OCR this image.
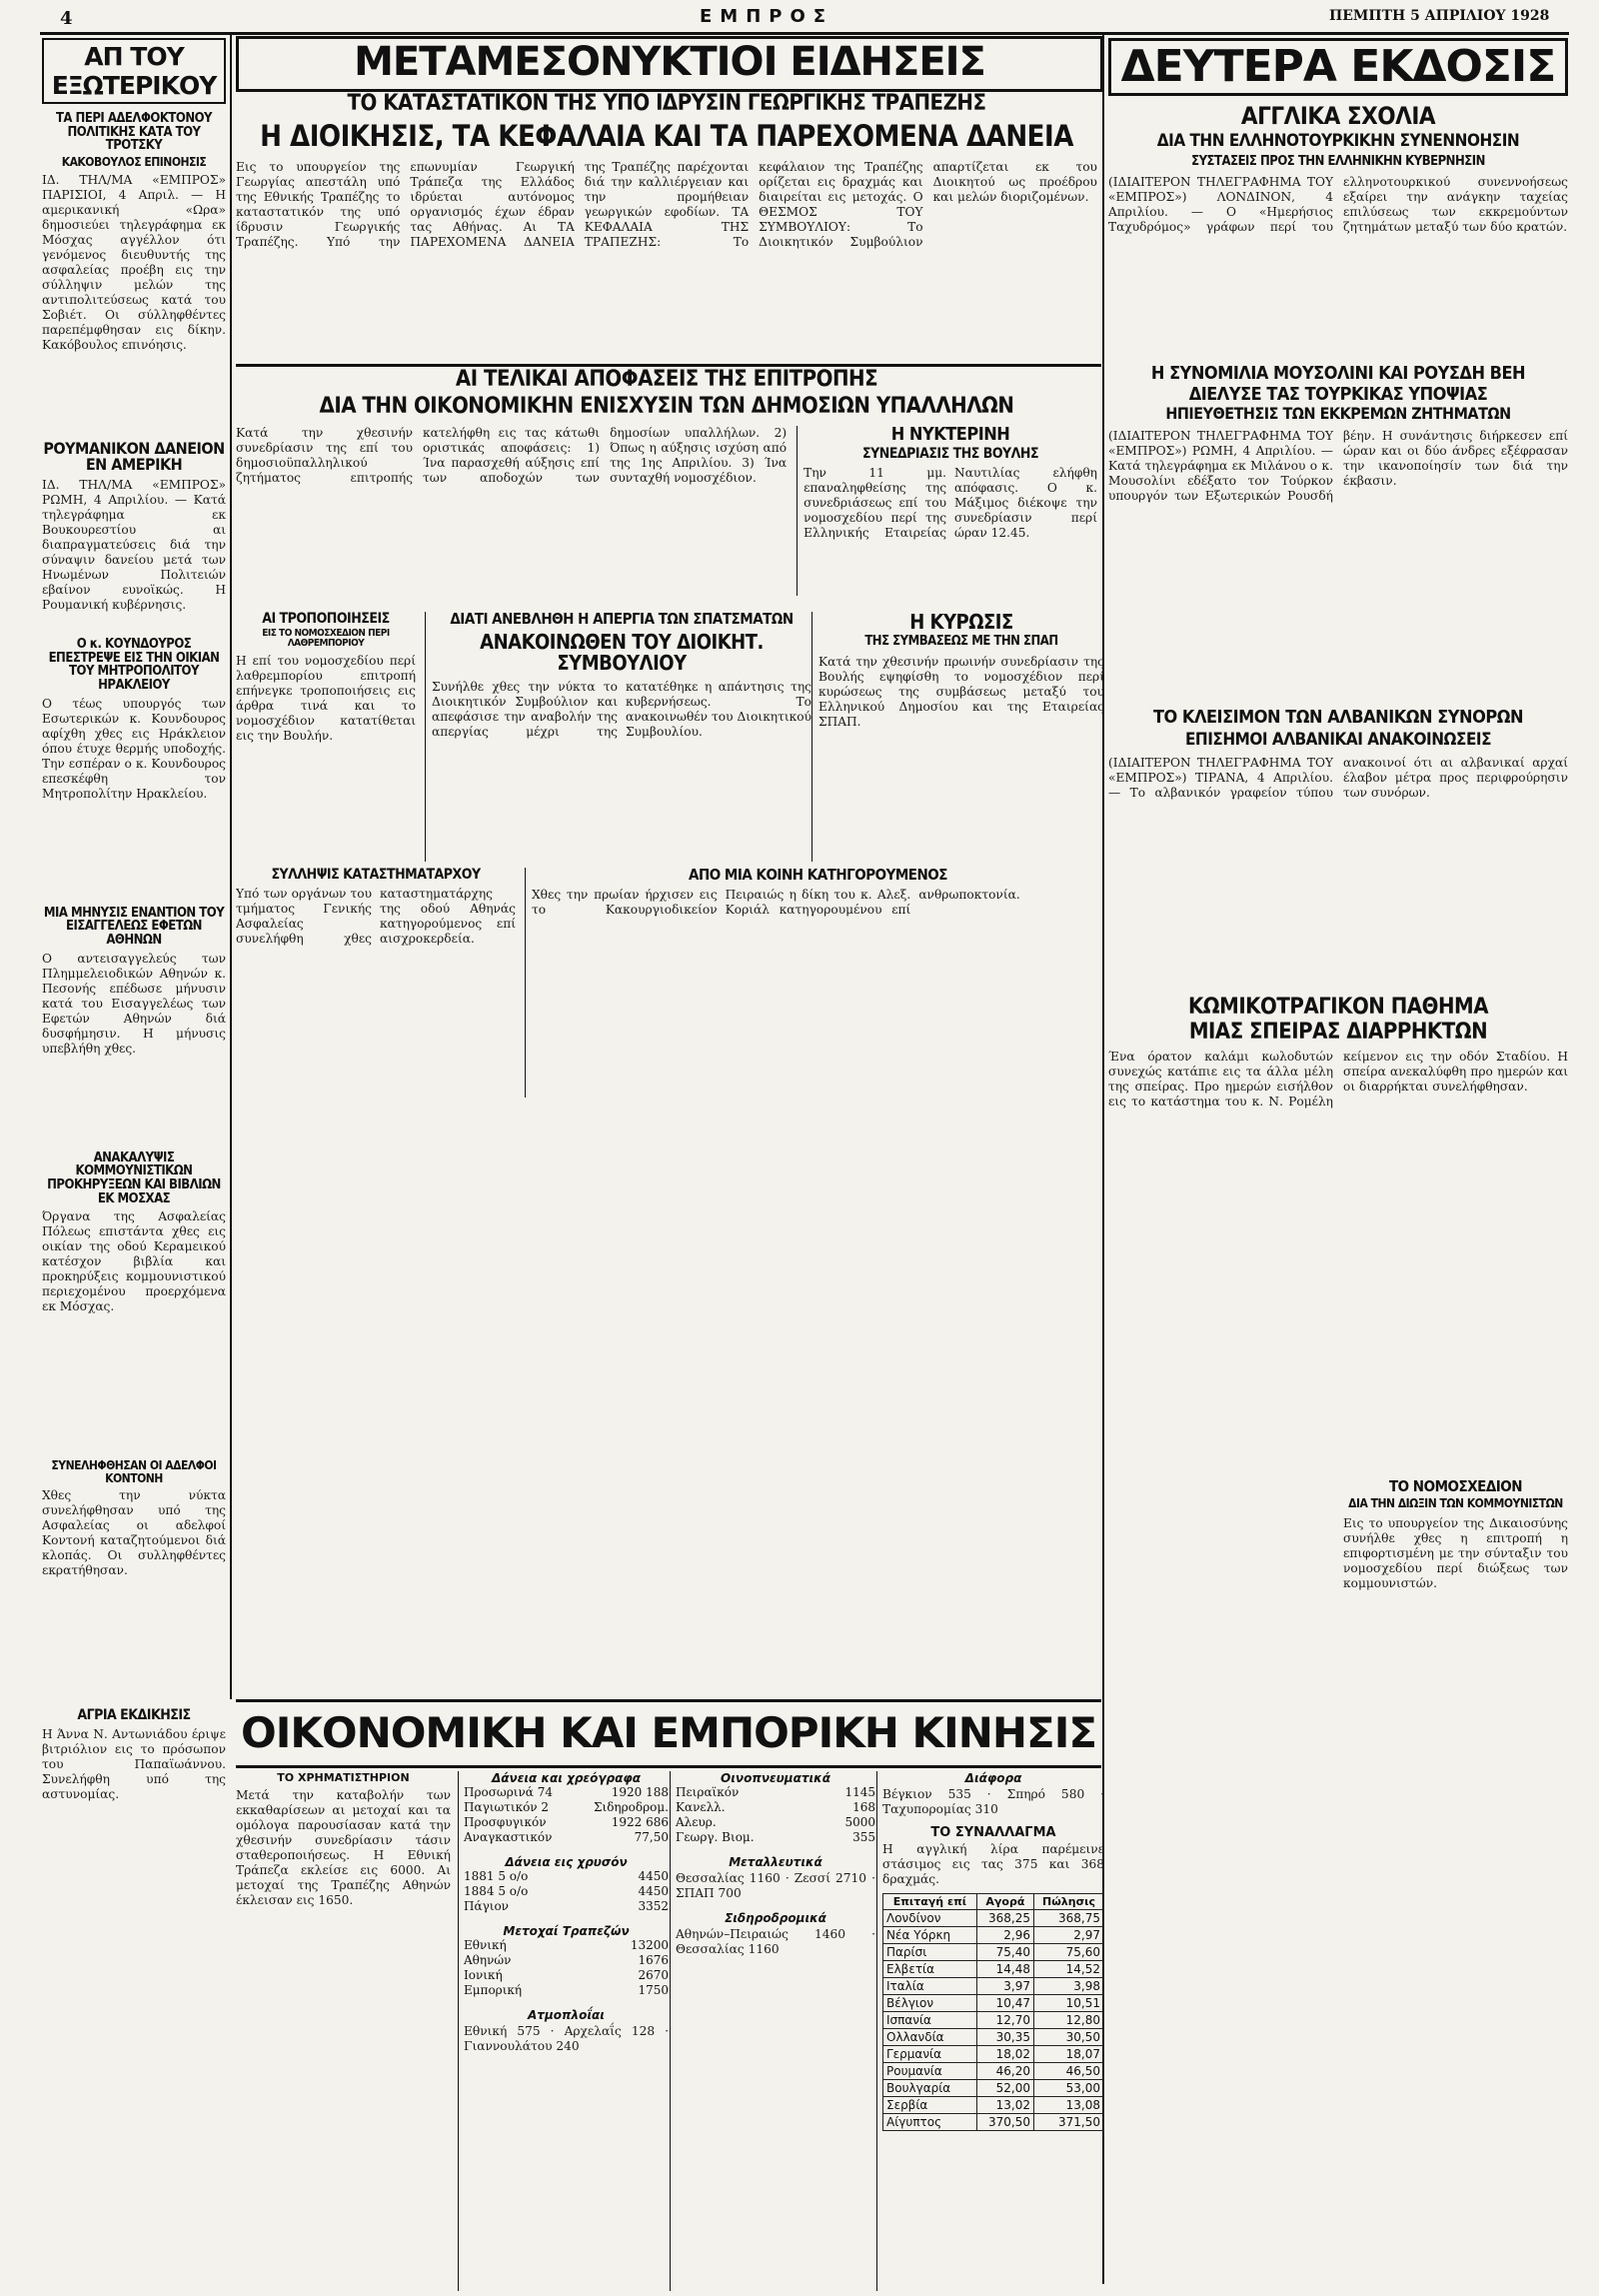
4	ΕΜΠΡΟΣ	ΠΕΜΠΤΗ 5 ΑΠΡΙΛΙΟΥ 1928
ΑΠ ΤΟΥ ΕΞΩΤΕΡΙΚΟΥ
ΤΑ ΠΕΡΙ ΑΔΕΛΦΟΚΤΟΝΟΥ ΠΟΛΙΤΙΚΗΣ ΚΑΤΑ ΤΟΥ ΤΡΟΤΣΚΥ
ΚΑΚΟΒΟΥΛΟΣ ΕΠΙΝΟΗΣΙΣ
ΙΔ. ΤΗΛ/ΜΑ «ΕΜΠΡΟΣ» ΠΑΡΙΣΙΟΙ, 4 Απριλ. — Η αμερικανική «Ωρα» δημοσιεύει τηλεγράφημα εκ Μόσχας αγγέλλον ότι γενόμενος διευθυντής της ασφαλείας προέβη εις την σύλληψιν μελών της αντιπολιτεύσεως κατά του Σοβιέτ. Οι σύλληφθέντες παρεπέμφθησαν εις δίκην. Κακόβουλος επινόησις.
ΡΟΥΜΑΝΙΚΟΝ ΔΑΝΕΙΟΝ ΕΝ ΑΜΕΡΙΚΗ
ΙΔ. ΤΗΛ/ΜΑ «ΕΜΠΡΟΣ» ΡΩΜΗ, 4 Απριλίου. — Κατά τηλεγράφημα εκ Βουκουρεστίου αι διαπραγματεύσεις διά την σύναψιν δανείου μετά των Ηνωμένων Πολιτειών εβαίνον ευνοϊκώς. Η Ρουμανική κυβέρνησις.
Ο κ. ΚΟΥΝΔΟΥΡΟΣ ΕΠΕΣΤΡΕΨΕ ΕΙΣ ΤΗΝ ΟΙΚΙΑΝ ΤΟΥ ΜΗΤΡΟΠΟΛΙΤΟΥ ΗΡΑΚΛΕΙΟΥ
Ο τέως υπουργός των Εσωτερικών κ. Κουνδουρος αφίχθη χθες εις Ηράκλειον όπου έτυχε θερμής υποδοχής. Την εσπέραν ο κ. Κουνδουρος επεσκέφθη τον Μητροπολίτην Ηρακλείου.
ΜΙΑ ΜΗΝΥΣΙΣ ΕΝΑΝΤΙΟΝ ΤΟΥ ΕΙΣΑΓΓΕΛΕΩΣ ΕΦΕΤΩΝ ΑΘΗΝΩΝ
Ο αντεισαγγελεύς των Πλημμελειοδικών Αθηνών κ. Πεσονής επέδωσε μήνυσιν κατά του Εισαγγελέως των Εφετών Αθηνών διά δυσφήμησιν. Η μήνυσις υπεβλήθη χθες.
ΑΝΑΚΑΛΥΨΙΣ ΚΟΜΜΟΥΝΙΣΤΙΚΩΝ ΠΡΟΚΗΡΥΞΕΩΝ ΚΑΙ ΒΙΒΛΙΩΝ ΕΚ ΜΟΣΧΑΣ
Όργανα της Ασφαλείας Πόλεως επιστάντα χθες εις οικίαν της οδού Κεραμεικού κατέσχον βιβλία και προκηρύξεις κομμουνιστικού περιεχομένου προερχόμενα εκ Μόσχας.
ΣΥΝΕΛΗΦΘΗΣΑΝ ΟΙ ΑΔΕΛΦΟΙ ΚΟΝΤΟΝΗ
Χθες την νύκτα συνελήφθησαν υπό της Ασφαλείας οι αδελφοί Κοντονή καταζητούμενοι διά κλοπάς. Οι συλληφθέντες εκρατήθησαν.
ΑΓΡΙΑ ΕΚΔΙΚΗΣΙΣ
Η Άννα Ν. Αντωνιάδου έριψε βιτριόλιον εις το πρόσωπον του Παπαϊωάννου. Συνελήφθη υπό της αστυνομίας.
ΜΕΤΑΜΕΣΟΝΥΚΤΙΟΙ ΕΙΔΗΣΕΙΣ
ΤΟ ΚΑΤΑΣΤΑΤΙΚΟΝ ΤΗΣ ΥΠΟ ΙΔΡΥΣΙΝ ΓΕΩΡΓΙΚΗΣ ΤΡΑΠΕΖΗΣ
Η ΔΙΟΙΚΗΣΙΣ, ΤΑ ΚΕΦΑΛΑΙΑ ΚΑΙ ΤΑ ΠΑΡΕΧΟΜΕΝΑ ΔΑΝΕΙΑ
Εις το υπουργείον της Γεωργίας απεστάλη υπό της Εθνικής Τραπέζης το καταστατικόν της υπό ίδρυσιν Γεωργικής Τραπέζης. Υπό την επωνυμίαν Γεωργική Τράπεζα της Ελλάδος ιδρύεται αυτόνομος οργανισμός έχων έδραν τας Αθήνας. Αι ΤΑ ΠΑΡΕΧΟΜΕΝΑ ΔΑΝΕΙΑ της Τραπέζης παρέχονται διά την καλλιέργειαν και την προμήθειαν γεωργικών εφοδίων. ΤΑ ΚΕΦΑΛΑΙΑ ΤΗΣ ΤΡΑΠΕΖΗΣ: Το κεφάλαιον της Τραπέζης ορίζεται εις δραχμάς και διαιρείται εις μετοχάς. Ο ΘΕΣΜΟΣ ΤΟΥ ΣΥΜΒΟΥΛΙΟΥ: Το Διοικητικόν Συμβούλιον απαρτίζεται εκ του Διοικητού ως προέδρου και μελών διοριζομένων.
ΑΙ ΤΕΛΙΚΑΙ ΑΠΟΦΑΣΕΙΣ ΤΗΣ ΕΠΙΤΡΟΠΗΣ
ΔΙΑ ΤΗΝ ΟΙΚΟΝΟΜΙΚΗΝ ΕΝΙΣΧΥΣΙΝ ΤΩΝ ΔΗΜΟΣΙΩΝ ΥΠΑΛΛΗΛΩΝ
Κατά την χθεσινήν συνεδρίασιν της επί του δημοσιοϋπαλληλικού ζητήματος επιτροπής κατελήφθη εις τας κάτωθι οριστικάς αποφάσεις: 1) Ίνα παρασχεθή αύξησις επί των αποδοχών των δημοσίων υπαλλήλων. 2) Όπως η αύξησις ισχύση από της 1ης Απριλίου. 3) Ίνα συνταχθή νομοσχέδιον.
Η ΝΥΚΤΕΡΙΝΗ
ΣΥΝΕΔΡΙΑΣΙΣ ΤΗΣ ΒΟΥΛΗΣ
Την 11 μμ. επαναληφθείσης της συνεδριάσεως επί του νομοσχεδίου περί της Ελληνικής Εταιρείας Ναυτιλίας ελήφθη απόφασις. Ο κ. Μάξιμος διέκοψε την συνεδρίασιν περί ώραν 12.45.
ΑΙ ΤΡΟΠΟΠΟΙΗΣΕΙΣ
ΕΙΣ ΤΟ ΝΟΜΟΣΧΕΔΙΟΝ ΠΕΡΙ ΛΑΘΡΕΜΠΟΡΙΟΥ
Η επί του νομοσχεδίου περί λαθρεμπορίου επιτροπή επήνεγκε τροποποιήσεις εις άρθρα τινά και το νομοσχέδιον κατατίθεται εις την Βουλήν.
ΔΙΑΤΙ ΑΝΕΒΛΗΘΗ Η ΑΠΕΡΓΙΑ ΤΩΝ ΣΠΑΤΣΜΑΤΩΝ
ΑΝΑΚΟΙΝΩΘΕΝ ΤΟΥ ΔΙΟΙΚΗΤ. ΣΥΜΒΟΥΛΙΟΥ
Συνήλθε χθες την νύκτα το Διοικητικόν Συμβούλιον και απεφάσισε την αναβολήν της απεργίας μέχρι της κατατέθηκε η απάντησις της κυβερνήσεως. Το ανακοινωθέν του Διοικητικού Συμβουλίου.
Η ΚΥΡΩΣΙΣ
ΤΗΣ ΣΥΜΒΑΣΕΩΣ ΜΕ ΤΗΝ ΣΠΑΠ
Κατά την χθεσινήν πρωινήν συνεδρίασιν της Βουλής εψηφίσθη το νομοσχέδιον περί κυρώσεως της συμβάσεως μεταξύ του Ελληνικού Δημοσίου και της Εταιρείας ΣΠΑΠ.
ΣΥΛΛΗΨΙΣ ΚΑΤΑΣΤΗΜΑΤΑΡΧΟΥ
Υπό των οργάνων του τμήματος Γενικής Ασφαλείας συνελήφθη χθες καταστηματάρχης της οδού Αθηνάς κατηγορούμενος επί αισχροκερδεία.
ΑΠΟ ΜΙΑ ΚΟΙΝΗ ΚΑΤΗΓΟΡΟΥΜΕΝΟΣ
Χθες την πρωίαν ήρχισεν εις το Κακουργιοδικείον Πειραιώς η δίκη του κ. Αλεξ. Κοριάλ κατηγορουμένου επί ανθρωποκτονία.
ΔΕΥΤΕΡΑ ΕΚΔΟΣΙΣ
ΑΓΓΛΙΚΑ ΣΧΟΛΙΑ
ΔΙΑ ΤΗΝ ΕΛΛΗΝΟΤΟΥΡΚΙΚΗΝ ΣΥΝΕΝΝΟΗΣΙΝ
ΣΥΣΤΑΣΕΙΣ ΠΡΟΣ ΤΗΝ ΕΛΛΗΝΙΚΗΝ ΚΥΒΕΡΝΗΣΙΝ
(ΙΔΙΑΙΤΕΡΟΝ ΤΗΛΕΓΡΑΦΗΜΑ ΤΟΥ «ΕΜΠΡΟΣ») ΛΟΝΔΙΝΟΝ, 4 Απριλίου. — Ο «Ημερήσιος Ταχυδρόμος» γράφων περί του ελληνοτουρκικού συνεννοήσεως εξαίρει την ανάγκην ταχείας επιλύσεως των εκκρεμούντων ζητημάτων μεταξύ των δύο κρατών.
Η ΣΥΝΟΜΙΛΙΑ ΜΟΥΣΟΛΙΝΙ ΚΑΙ ΡΟΥΣΔΗ ΒΕΗ
ΔΙΕΛΥΣΕ ΤΑΣ ΤΟΥΡΚΙΚΑΣ ΥΠΟΨΙΑΣ
ΗΠΙΕΥΘΕΤΗΣΙΣ ΤΩΝ ΕΚΚΡΕΜΩΝ ΖΗΤΗΜΑΤΩΝ
(ΙΔΙΑΙΤΕΡΟΝ ΤΗΛΕΓΡΑΦΗΜΑ ΤΟΥ «ΕΜΠΡΟΣ») ΡΩΜΗ, 4 Απριλίου. — Κατά τηλεγράφημα εκ Μιλάνου ο κ. Μουσολίνι εδέξατο τον Τούρκον υπουργόν των Εξωτερικών Ρουσδή βέην. Η συνάντησις διήρκεσεν επί ώραν και οι δύο άνδρες εξέφρασαν την ικανοποίησίν των διά την έκβασιν.
ΤΟ ΚΛΕΙΣΙΜΟΝ ΤΩΝ ΑΛΒΑΝΙΚΩΝ ΣΥΝΟΡΩΝ
ΕΠΙΣΗΜΟΙ ΑΛΒΑΝΙΚΑΙ ΑΝΑΚΟΙΝΩΣΕΙΣ
(ΙΔΙΑΙΤΕΡΟΝ ΤΗΛΕΓΡΑΦΗΜΑ ΤΟΥ «ΕΜΠΡΟΣ») ΤΙΡΑΝΑ, 4 Απριλίου. — Το αλβανικόν γραφείον τύπου ανακοινοί ότι αι αλβανικαί αρχαί έλαβον μέτρα προς περιφρούρησιν των συνόρων.
ΚΩΜΙΚΟΤΡΑΓΙΚΟΝ ΠΑΘΗΜΑ
ΜΙΑΣ ΣΠΕΙΡΑΣ ΔΙΑΡΡΗΚΤΩΝ
Ένα όρατον καλάμι κωλοδυτών συνεχώς κατάπιε εις τα άλλα μέλη της σπείρας. Προ ημερών εισήλθον εις το κατάστημα του κ. Ν. Ρομέλη κείμενον εις την οδόν Σταδίου. Η σπείρα ανεκαλύφθη προ ημερών και οι διαρρήκται συνελήφθησαν.
ΤΟ ΝΟΜΟΣΧΕΔΙΟΝ
ΔΙΑ ΤΗΝ ΔΙΩΞΙΝ ΤΩΝ ΚΟΜΜΟΥΝΙΣΤΩΝ
Εις το υπουργείον της Δικαιοσύνης συνήλθε χθες η επιτροπή η επιφορτισμένη με την σύνταξιν του νομοσχεδίου περί διώξεως των κομμουνιστών.
ΟΙΚΟΝΟΜΙΚΗ ΚΑΙ ΕΜΠΟΡΙΚΗ ΚΙΝΗΣΙΣ
ΤΟ ΧΡΗΜΑΤΙΣΤΗΡΙΟΝ
Μετά την καταβολήν των εκκαθαρίσεων αι μετοχαί και τα ομόλογα παρουσίασαν κατά την χθεσινήν συνεδρίασιν τάσιν σταθεροποιήσεως. Η Εθνική Τράπεζα εκλείσε εις 6000. Αι μετοχαί της Τραπέζης Αθηνών έκλεισαν εις 1650.
Δάνεια και χρεόγραφα
Προσωρινά 74	1920 188
Παγιωτικόν 2	Σιδηροδρομ.
Προσφυγικόν	1922 686
Αναγκαστικόν	77,50
Δάνεια εις χρυσόν
1881 5 ο/ο	4450
1884 5 ο/ο	4450
Πάγιον	3352
Μετοχαί Τραπεζών
Εθνική	13200
Αθηνών	1676
Ιονική	2670
Εμπορική	1750
Ατμοπλοΐαι
Εθνική 575 · Αρχελαΐς 128 · Γιαννουλάτου 240
Οινοπνευματικά
Πειραϊκόν	1145
Κανελλ.	168
Αλευρ.	5000
Γεωργ. Βιομ.	355
Μεταλλευτικά
Θεσσαλίας 1160 · Ζεσσί 2710 · ΣΠΑΠ 700
Σιδηροδρομικά
Αθηνών–Πειραιώς 1460 · Θεσσαλίας 1160
Διάφορα
Βέγκιον 535 · Σπηρό 580 · Ταχυπορομίας 310
ΤΟ ΣΥΝΑΛΛΑΓΜΑ
Η αγγλική λίρα παρέμεινε στάσιμος εις τας 375 και 368 δραχμάς.
Επιταγή επί	Αγορά	Πώλησις
Λονδίνον	368,25	368,75
Νέα Υόρκη	2,96	2,97
Παρίσι	75,40	75,60
Ελβετία	14,48	14,52
Ιταλία	3,97	3,98
Βέλγιον	10,47	10,51
Ισπανία	12,70	12,80
Ολλανδία	30,35	30,50
Γερμανία	18,02	18,07
Ρουμανία	46,20	46,50
Βουλγαρία	52,00	53,00
Σερβία	13,02	13,08
Αίγυπτος	370,50	371,50
